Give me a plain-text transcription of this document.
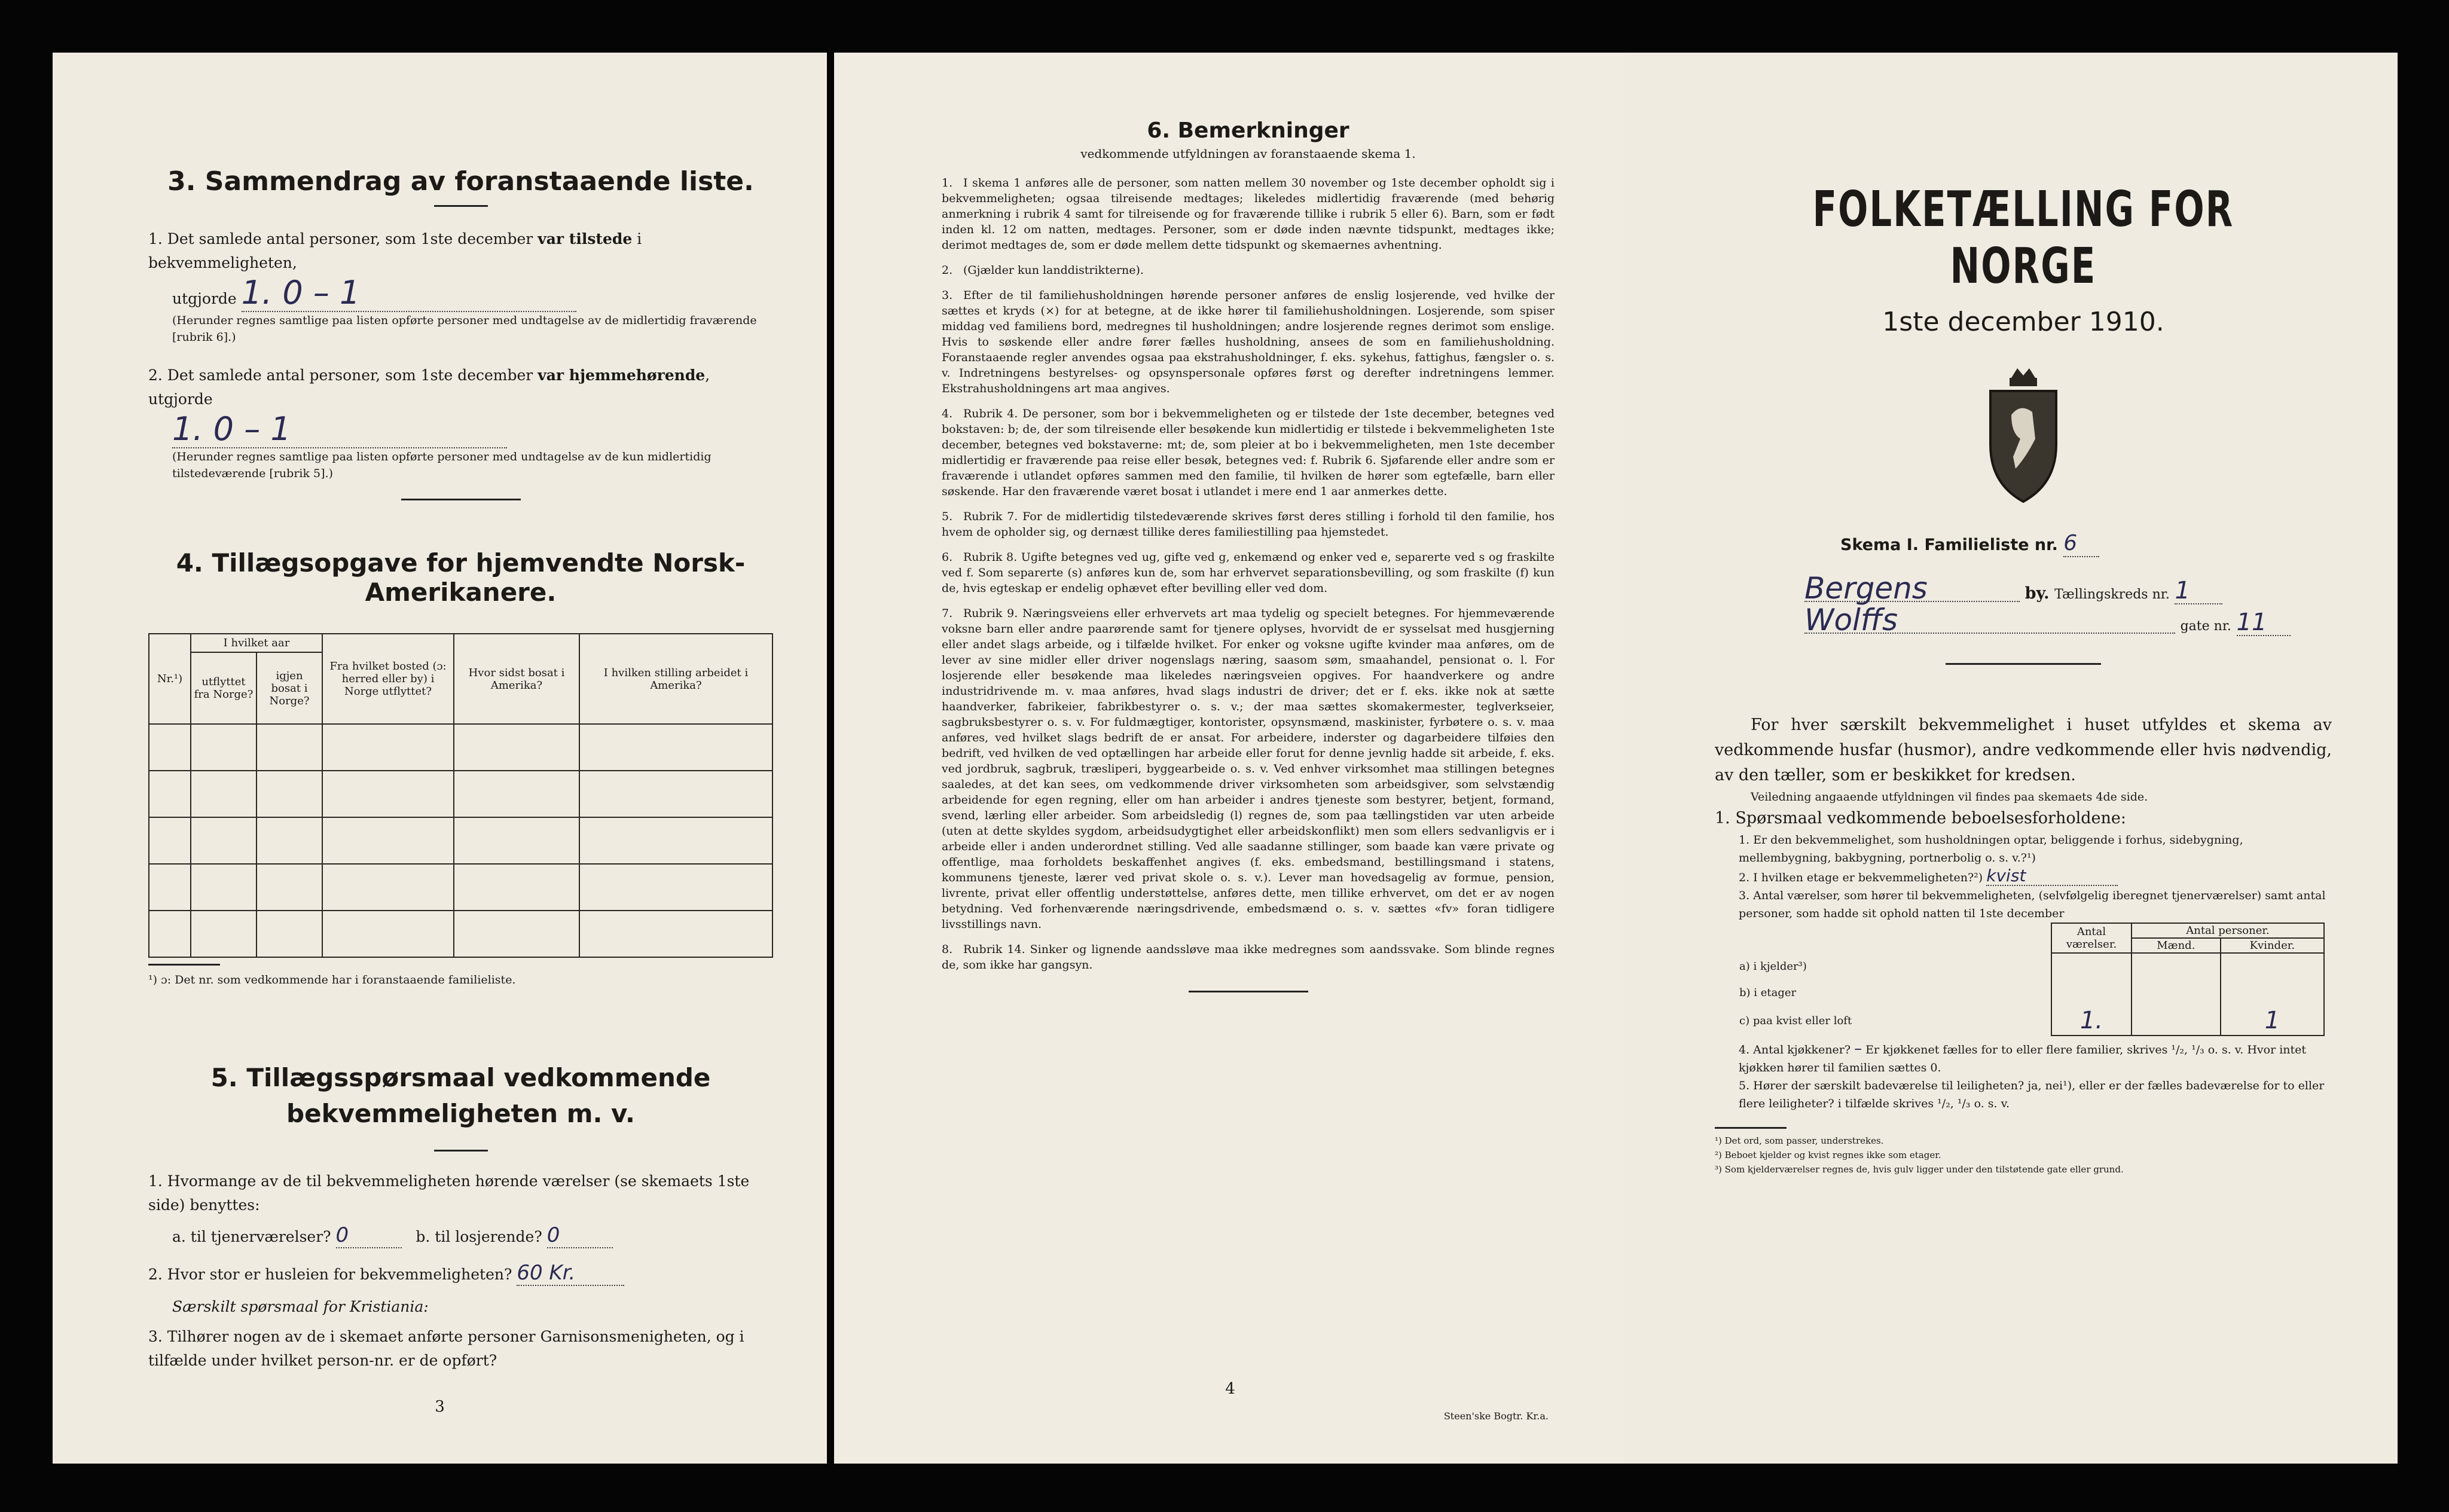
3. Sammendrag av foranstaaende liste.
1. Det samlede antal personer, som 1ste december var tilstede i bekvemmeligheten,
utgjorde 1. 0 – 1
(Herunder regnes samtlige paa listen opførte personer med undtagelse av de midlertidig fraværende [rubrik 6].)
2. Det samlede antal personer, som 1ste december var hjemmehørende, utgjorde
1. 0 – 1
(Herunder regnes samtlige paa listen opførte personer med undtagelse av de kun midlertidig tilstedeværende [rubrik 5].)
4. Tillægsopgave for hjemvendte Norsk-Amerikanere.
Nr.¹)	I hvilket aar		Fra hvilket bosted (ɔ: herred eller by) i Norge utflyttet?	Hvor sidst bosat i Amerika?	I hvilken stilling arbeidet i Amerika?
	utflyttet fra Norge?	igjen bosat i Norge?			

¹) ɔ: Det nr. som vedkommende har i foranstaaende familieliste.
5. Tillægsspørsmaal vedkommende bekvemmeligheten m. v.
1. Hvormange av de til bekvemmeligheten hørende værelser (se skemaets 1ste side) benyttes:
a. til tjenerværelser? 0	b. til losjerende? 0
2. Hvor stor er husleien for bekvemmeligheten? 60 Kr.
Særskilt spørsmaal for Kristiania:
3. Tilhører nogen av de i skemaet anførte personer Garnisonsmenigheten, og i tilfælde under hvilket person-nr. er de opført?
3
6. Bemerkninger
vedkommende utfyldningen av foranstaaende skema 1.
1. I skema 1 anføres alle de personer, som natten mellem 30 november og 1ste december opholdt sig i bekvemmeligheten; ogsaa tilreisende medtages; likeledes midlertidig fraværende (med behørig anmerkning i rubrik 4 samt for tilreisende og for fraværende tillike i rubrik 5 eller 6). Barn, som er født inden kl. 12 om natten, medtages. Personer, som er døde inden nævnte tidspunkt, medtages ikke; derimot medtages de, som er døde mellem dette tidspunkt og skemaernes avhentning.
2. (Gjælder kun landdistrikterne).
3. Efter de til familiehusholdningen hørende personer anføres de enslig losjerende, ved hvilke der sættes et kryds (×) for at betegne, at de ikke hører til familiehusholdningen. Losjerende, som spiser middag ved familiens bord, medregnes til husholdningen; andre losjerende regnes derimot som enslige. Hvis to søskende eller andre fører fælles husholdning, ansees de som en familiehusholdning. Foranstaaende regler anvendes ogsaa paa ekstrahusholdninger, f. eks. sykehus, fattighus, fængsler o. s. v. Indretningens bestyrelses- og opsynspersonale opføres først og derefter indretningens lemmer. Ekstrahusholdningens art maa angives.
4. Rubrik 4. De personer, som bor i bekvemmeligheten og er tilstede der 1ste december, betegnes ved bokstaven: b; de, der som tilreisende eller besøkende kun midlertidig er tilstede i bekvemmeligheten 1ste december, betegnes ved bokstaverne: mt; de, som pleier at bo i bekvemmeligheten, men 1ste december midlertidig er fraværende paa reise eller besøk, betegnes ved: f. Rubrik 6. Sjøfarende eller andre som er fraværende i utlandet opføres sammen med den familie, til hvilken de hører som egtefælle, barn eller søskende. Har den fraværende været bosat i utlandet i mere end 1 aar anmerkes dette.
5. Rubrik 7. For de midlertidig tilstedeværende skrives først deres stilling i forhold til den familie, hos hvem de opholder sig, og dernæst tillike deres familiestilling paa hjemstedet.
6. Rubrik 8. Ugifte betegnes ved ug, gifte ved g, enkemænd og enker ved e, separerte ved s og fraskilte ved f. Som separerte (s) anføres kun de, som har erhvervet separationsbevilling, og som fraskilte (f) kun de, hvis egteskap er endelig ophævet efter bevilling eller ved dom.
7. Rubrik 9. Næringsveiens eller erhvervets art maa tydelig og specielt betegnes. For hjemmeværende voksne barn eller andre paarørende samt for tjenere oplyses, hvorvidt de er sysselsat med husgjerning eller andet slags arbeide, og i tilfælde hvilket. For enker og voksne ugifte kvinder maa anføres, om de lever av sine midler eller driver nogenslags næring, saasom søm, smaahandel, pensionat o. l. For losjerende eller besøkende maa likeledes næringsveien opgives. For haandverkere og andre industridrivende m. v. maa anføres, hvad slags industri de driver; det er f. eks. ikke nok at sætte haandverker, fabrikeier, fabrikbestyrer o. s. v.; der maa sættes skomakermester, teglverkseier, sagbruksbestyrer o. s. v. For fuldmægtiger, kontorister, opsynsmænd, maskinister, fyrbøtere o. s. v. maa anføres, ved hvilket slags bedrift de er ansat. For arbeidere, inderster og dagarbeidere tilføies den bedrift, ved hvilken de ved optællingen har arbeide eller forut for denne jevnlig hadde sit arbeide, f. eks. ved jordbruk, sagbruk, træsliperi, byggearbeide o. s. v. Ved enhver virksomhet maa stillingen betegnes saaledes, at det kan sees, om vedkommende driver virksomheten som arbeidsgiver, som selvstændig arbeidende for egen regning, eller om han arbeider i andres tjeneste som bestyrer, betjent, formand, svend, lærling eller arbeider. Som arbeidsledig (l) regnes de, som paa tællingstiden var uten arbeide (uten at dette skyldes sygdom, arbeidsudygtighet eller arbeidskonflikt) men som ellers sedvanligvis er i arbeide eller i anden underordnet stilling. Ved alle saadanne stillinger, som baade kan være private og offentlige, maa forholdets beskaffenhet angives (f. eks. embedsmand, bestillingsmand i statens, kommunens tjeneste, lærer ved privat skole o. s. v.). Lever man hovedsagelig av formue, pension, livrente, privat eller offentlig understøttelse, anføres dette, men tillike erhvervet, om det er av nogen betydning. Ved forhenværende næringsdrivende, embedsmænd o. s. v. sættes «fv» foran tidligere livsstillings navn.
8. Rubrik 14. Sinker og lignende aandssløve maa ikke medregnes som aandssvake. Som blinde regnes de, som ikke har gangsyn.
4
Steen'ske Bogtr. Kr.a.
FOLKETÆLLING FOR NORGE
1ste december 1910.
Skema I. Familieliste nr. 6
Bergens	by. Tællingskreds nr. 1
Wolffs	gate nr. 11
For hver særskilt bekvemmelighet i huset utfyldes et skema av vedkommende husfar (husmor), andre vedkommende eller hvis nødvendig, av den tæller, som er beskikket for kredsen.
Veiledning angaaende utfyldningen vil findes paa skemaets 4de side.
1. Spørsmaal vedkommende beboelsesforholdene:
1. Er den bekvemmelighet, som husholdningen optar, beliggende i forhus, sidebygning, mellembygning, bakbygning, portnerbolig o. s. v.?¹)
2. I hvilken etage er bekvemmeligheten?²) kvist
3. Antal værelser, som hører til bekvemmeligheten, (selvfølgelig iberegnet tjenerværelser) samt antal personer, som hadde sit ophold natten til 1ste december
	Antal værelser.	Antal personer.	
		Mænd.	Kvinder.
a) i kjelder³)			
b) i etager			
c) paa kvist eller loft	1.		1
4. Antal kjøkkener? – Er kjøkkenet fælles for to eller flere familier, skrives ¹/₂, ¹/₃ o. s. v. Hvor intet kjøkken hører til familien sættes 0.
5. Hører der særskilt badeværelse til leiligheten? ja, nei¹), eller er der fælles badeværelse for to eller flere leiligheter? i tilfælde skrives ¹/₂, ¹/₃ o. s. v.
¹) Det ord, som passer, understrekes.
²) Beboet kjelder og kvist regnes ikke som etager.
³) Som kjelderværelser regnes de, hvis gulv ligger under den tilstøtende gate eller grund.
